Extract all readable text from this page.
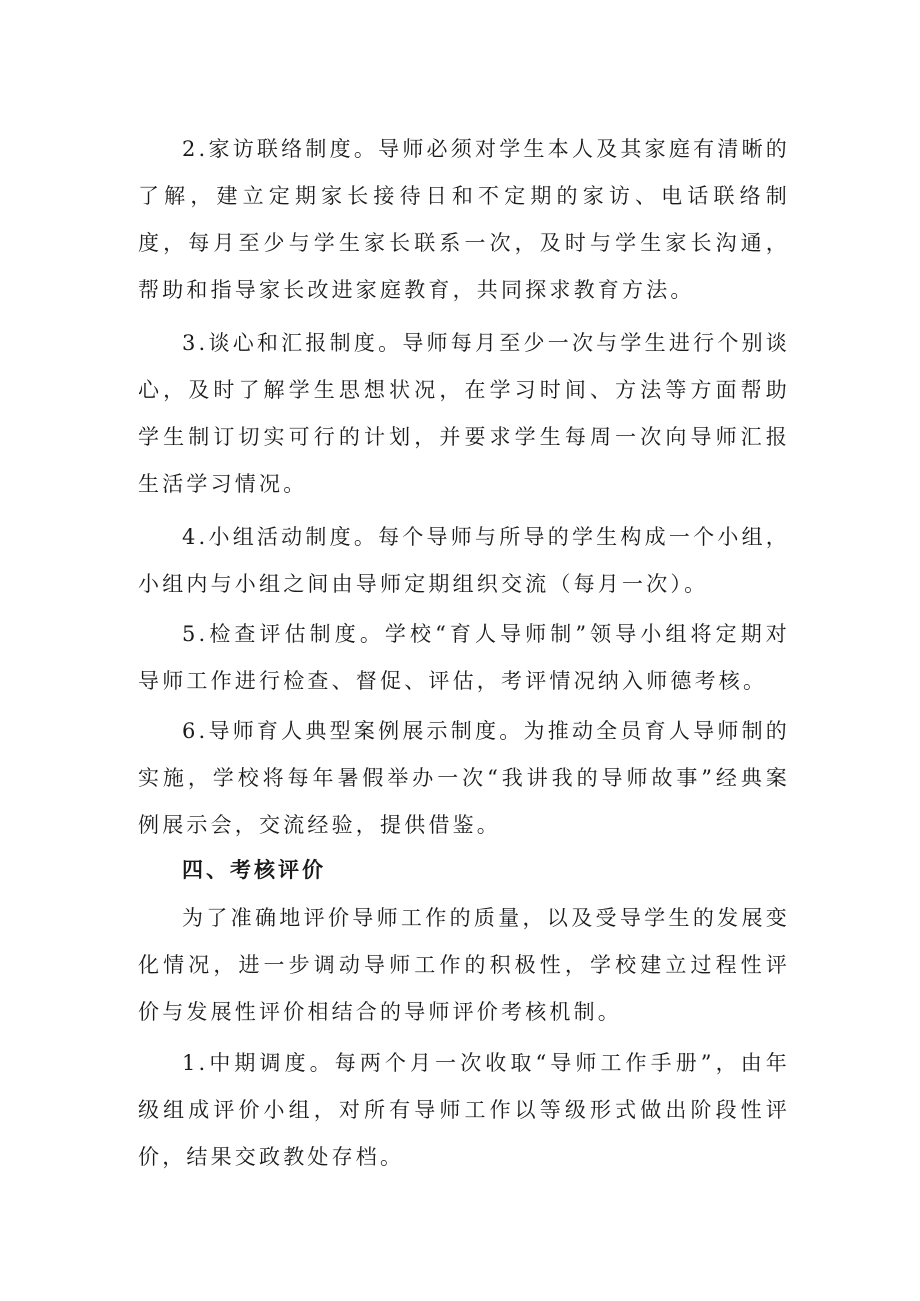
2.家访联络制度。导师必须对学生本人及其家庭有清晰的了解，建立定期家长接待日和不定期的家访、电话联络制度，每月至少与学生家长联系一次，及时与学生家长沟通，帮助和指导家长改进家庭教育，共同探求教育方法。

3.谈心和汇报制度。导师每月至少一次与学生进行个别谈心，及时了解学生思想状况，在学习时间、方法等方面帮助学生制订切实可行的计划，并要求学生每周一次向导师汇报生活学习情况。

4.小组活动制度。每个导师与所导的学生构成一个小组，小组内与小组之间由导师定期组织交流（每月一次）。

5.检查评估制度。学校“育人导师制”领导小组将定期对导师工作进行检查、督促、评估，考评情况纳入师德考核。

6.导师育人典型案例展示制度。为推动全员育人导师制的实施，学校将每年暑假举办一次“我讲我的导师故事”经典案例展示会，交流经验，提供借鉴。

四、考核评价

为了准确地评价导师工作的质量，以及受导学生的发展变化情况，进一步调动导师工作的积极性，学校建立过程性评价与发展性评价相结合的导师评价考核机制。

1.中期调度。每两个月一次收取“导师工作手册”，由年级组成评价小组，对所有导师工作以等级形式做出阶段性评价，结果交政教处存档。
